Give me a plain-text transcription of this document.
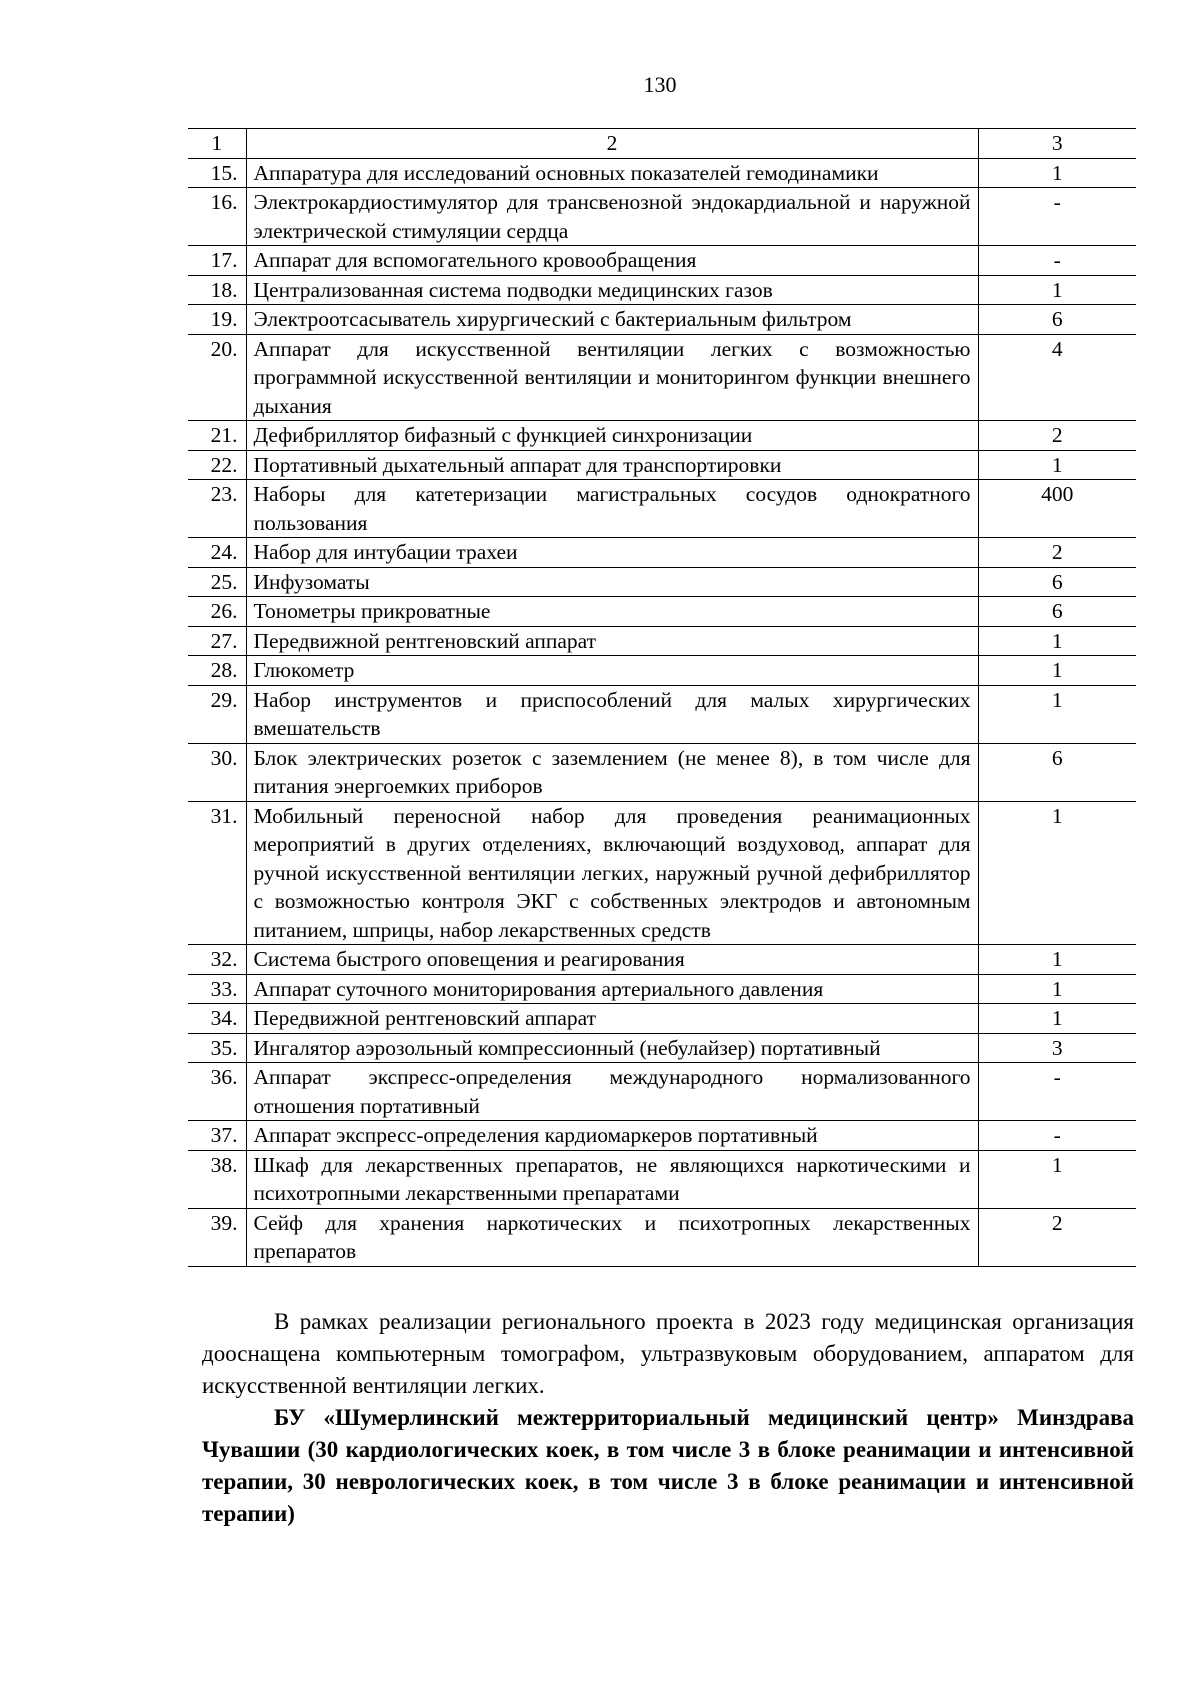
130
1	2	3
15.	Аппаратура для исследований основных показателей гемодинамики	1
16.	Электрокардиостимулятор для трансвенозной эндокардиальной и наружной электрической стимуляции сердца	-
17.	Аппарат для вспомогательного кровообращения	-
18.	Централизованная система подводки медицинских газов	1
19.	Электроотсасыватель хирургический с бактериальным фильтром	6
20.	Аппарат для искусственной вентиляции легких с возможностью программной искусственной вентиляции и мониторингом функции внешнего дыхания	4
21.	Дефибриллятор бифазный с функцией синхронизации	2
22.	Портативный дыхательный аппарат для транспортировки	1
23.	Наборы для катетеризации магистральных сосудов однократного пользования	400
24.	Набор для интубации трахеи	2
25.	Инфузоматы	6
26.	Тонометры прикроватные	6
27.	Передвижной рентгеновский аппарат	1
28.	Глюкометр	1
29.	Набор инструментов и приспособлений для малых хирургических вмешательств	1
30.	Блок электрических розеток с заземлением (не менее 8), в том числе для питания энергоемких приборов	6
31.	Мобильный переносной набор для проведения реанимационных мероприятий в других отделениях, включающий воздуховод, аппарат для ручной искусственной вентиляции легких, наружный ручной дефибриллятор с возможностью контроля ЭКГ с собственных электродов и автономным питанием, шприцы, набор лекарственных средств	1
32.	Система быстрого оповещения и реагирования	1
33.	Аппарат суточного мониторирования артериального давления	1
34.	Передвижной рентгеновский аппарат	1
35.	Ингалятор аэрозольный компрессионный (небулайзер) портативный	3
36.	Аппарат экспресс-определения международного нормализованного отношения портативный	-
37.	Аппарат экспресс-определения кардиомаркеров портативный	-
38.	Шкаф для лекарственных препаратов, не являющихся наркотическими и психотропными лекарственными препаратами	1
39.	Сейф для хранения наркотических и психотропных лекарственных препаратов	2
В рамках реализации регионального проекта в 2023 году медицинская организация дооснащена компьютерным томографом, ультразвуковым оборудованием, аппаратом для искусственной вентиляции легких.
БУ «Шумерлинский межтерриториальный медицинский центр» Минздрава Чувашии (30 кардиологических коек, в том числе 3 в блоке реанимации и интенсивной терапии, 30 неврологических коек, в том числе 3 в блоке реанимации и интенсивной терапии)
